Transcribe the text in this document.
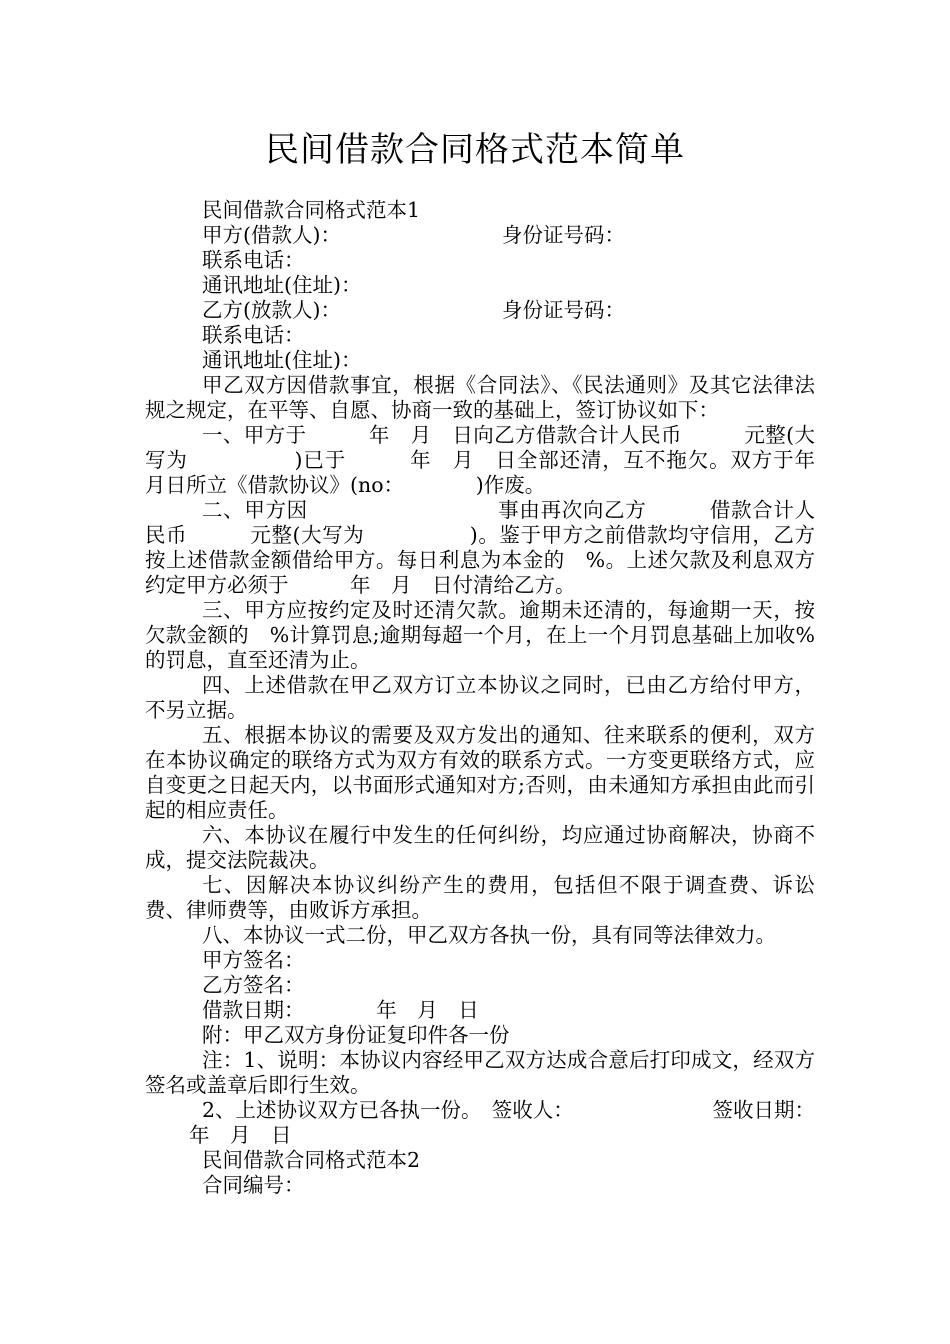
民间借款合同格式范本简单
民间借款合同格式范本1
甲方(借款人)：	身份证号码：
联系电话：
通讯地址(住址)：
乙方(放款人)：	身份证号码：
联系电话：
通讯地址(住址)：
甲乙双方因借款事宜，根据《合同法》、《民法通则》及其它法律法规之规定，在平等、自愿、协商一致的基础上，签订协议如下：
一、甲方于　　　年　月　日向乙方借款合计人民币　　　元整(大写为　　　　　)已于　　　年　月　日全部还清，互不拖欠。双方于年　月日所立《借款协议》(no：　　　　)作废。
二、甲方因　　　　　　　　　事由再次向乙方　　　借款合计人民币　　　元整(大写为　　　　　)。鉴于甲方之前借款均守信用，乙方按上述借款金额借给甲方。每日利息为本金的　%。上述欠款及利息双方约定甲方必须于　　　年　月　日付清给乙方。
三、甲方应按约定及时还清欠款。逾期未还清的，每逾期一天，按欠款金额的　%计算罚息;逾期每超一个月，在上一个月罚息基础上加收%的罚息，直至还清为止。
四、上述借款在甲乙双方订立本协议之同时，已由乙方给付甲方，不另立据。
五、根据本协议的需要及双方发出的通知、往来联系的便利，双方在本协议确定的联络方式为双方有效的联系方式。一方变更联络方式，应自变更之日起天内，以书面形式通知对方;否则，由未通知方承担由此而引起的相应责任。
六、本协议在履行中发生的任何纠纷，均应通过协商解决，协商不成，提交法院裁决。
七、因解决本协议纠纷产生的费用，包括但不限于调查费、诉讼费、律师费等，由败诉方承担。
八、本协议一式二份，甲乙双方各执一份，具有同等法律效力。
甲方签名：
乙方签名：
借款日期：　　　　年　月　日
附：甲乙双方身份证复印件各一份
注：1、说明：本协议内容经甲乙双方达成合意后打印成文，经双方签名或盖章后即行生效。
2、上述协议双方已各执一份。　签收人：	签收日期：
年　月　日
民间借款合同格式范本2
合同编号：
